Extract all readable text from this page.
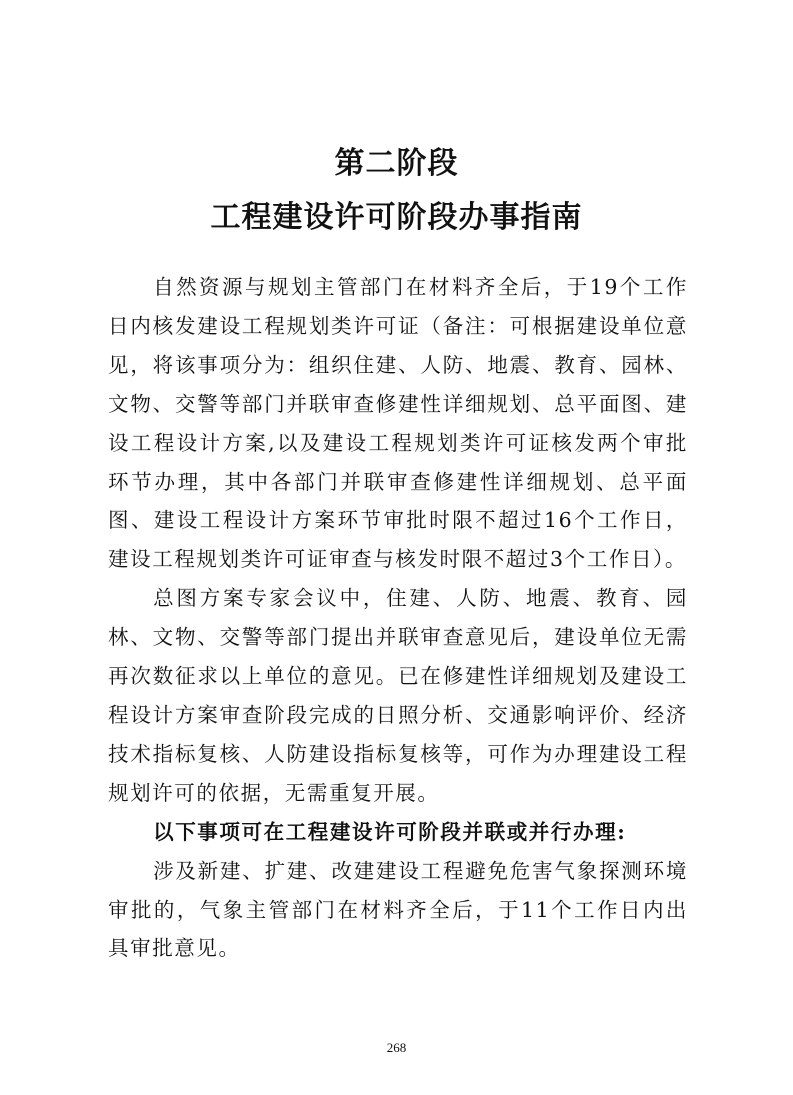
第二阶段
工程建设许可阶段办事指南

自然资源与规划主管部门在材料齐全后，于19个工作日内核发建设工程规划类许可证（备注：可根据建设单位意见，将该事项分为：组织住建、人防、地震、教育、园林、文物、交警等部门并联审查修建性详细规划、总平面图、建设工程设计方案,以及建设工程规划类许可证核发两个审批环节办理，其中各部门并联审查修建性详细规划、总平面图、建设工程设计方案环节审批时限不超过16个工作日，建设工程规划类许可证审查与核发时限不超过3个工作日）。

总图方案专家会议中，住建、人防、地震、教育、园林、文物、交警等部门提出并联审查意见后，建设单位无需再次数征求以上单位的意见。已在修建性详细规划及建设工程设计方案审查阶段完成的日照分析、交通影响评价、经济技术指标复核、人防建设指标复核等，可作为办理建设工程规划许可的依据，无需重复开展。

以下事项可在工程建设许可阶段并联或并行办理:

涉及新建、扩建、改建建设工程避免危害气象探测环境审批的，气象主管部门在材料齐全后，于11个工作日内出具审批意见。

268
